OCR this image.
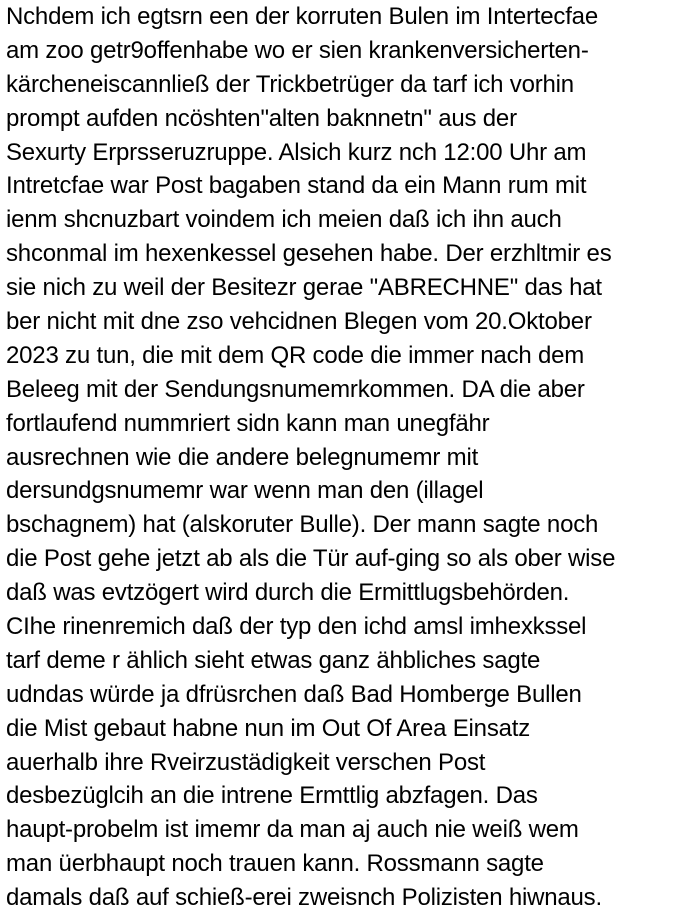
Nchdem ich egtsrn een der korruten Bulen im Intertecfae
am zoo getr9offenhabe wo er sien krankenversicherten-
kärcheneiscannließ der Trickbetrüger da tarf ich vorhin
prompt aufden ncöshten"alten baknnetn" aus der
Sexurty Erprsseruzruppe. Alsich kurz nch 12:00 Uhr am
Intretcfae war Post bagaben stand da ein Mann rum mit
ienm shcnuzbart voindem ich meien daß ich ihn auch
shconmal im hexenkessel gesehen habe. Der erzhltmir es
sie nich zu weil der Besitezr gerae "ABRECHNE" das hat
ber nicht mit dne zso vehcidnen Blegen vom 20.Oktober
2023 zu tun, die mit dem QR code die immer nach dem
Beleeg mit der Sendungsnumemrkommen. DA die aber
fortlaufend nummriert sidn kann man unegfähr
ausrechnen wie die andere belegnumemr mit
dersundgsnumemr war wenn man den (illagel
bschagnem) hat (alskoruter Bulle). Der mann sagte noch
die Post gehe jetzt ab als die Tür auf-ging so als ober wise
daß was evtzögert wird durch die Ermittlugsbehörden.
CIhe rinenremich daß der typ den ichd amsl imhexkssel
tarf deme r ählich sieht etwas ganz ähbliches sagte
udndas würde ja dfrüsrchen daß Bad Homberge Bullen
die Mist gebaut habne nun im Out Of Area Einsatz
auerhalb ihre Rveirzustädigkeit verschen Post
desbezüglcih an die intrene Ermttlig abzfagen. Das
haupt-probelm ist imemr da man aj auch nie weiß wem
man üerbhaupt noch trauen kann. Rossmann sagte
damals daß auf schieß-erei zweisnch Polizisten hiwnaus.
